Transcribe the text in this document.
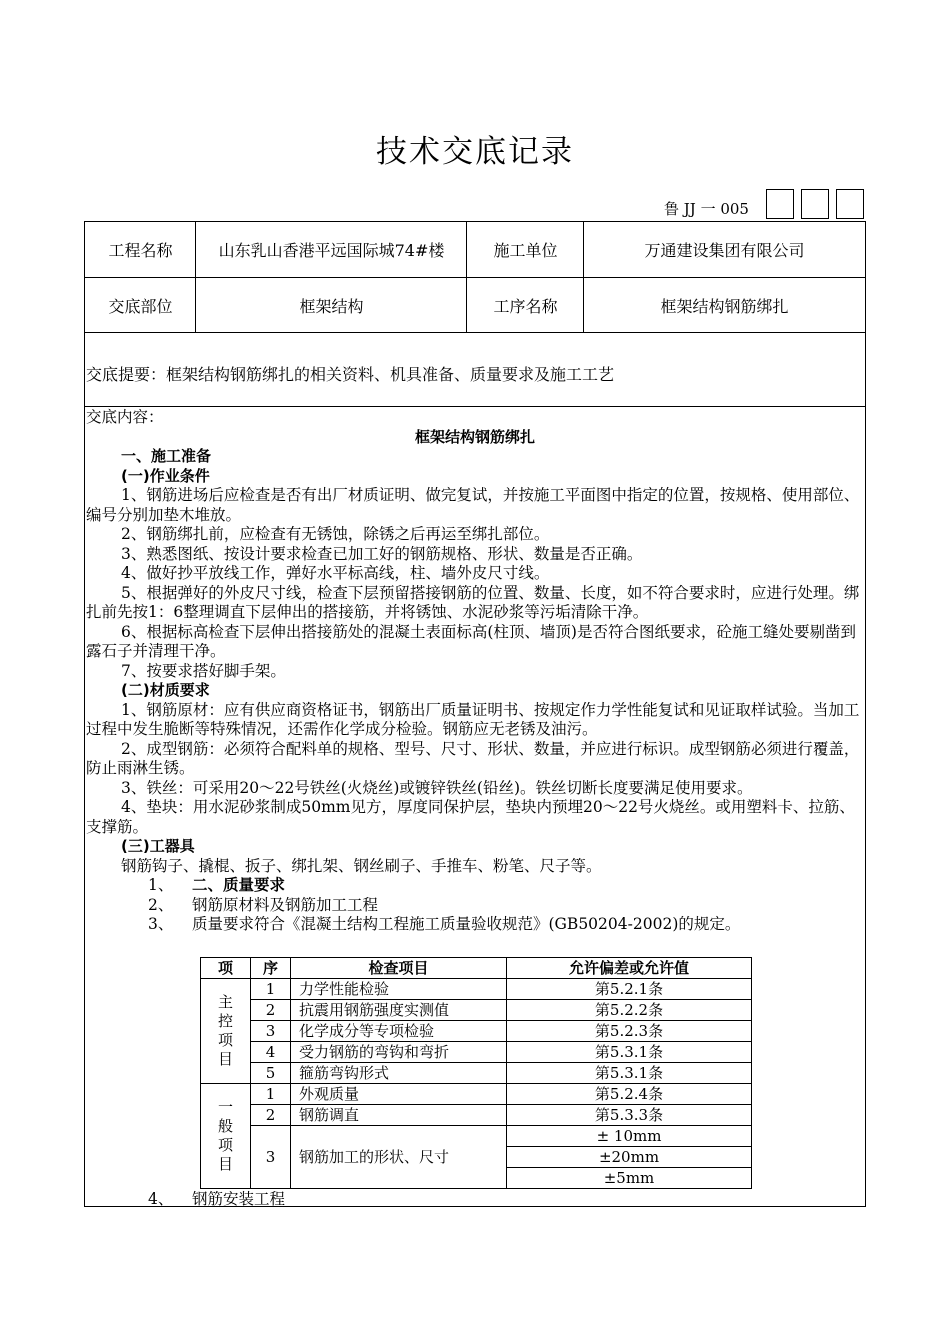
技术交底记录
鲁 JJ 一 005
工程名称	山东乳山香港平远国际城74#楼	施工单位	万通建设集团有限公司
交底部位	框架结构	工序名称	框架结构钢筋绑扎
交底提要：框架结构钢筋绑扎的相关资料、机具准备、质量要求及施工工艺

交底内容：

框架结构钢筋绑扎

一、施工准备

(一)作业条件

1、钢筋进场后应检查是否有出厂材质证明、做完复试，并按施工平面图中指定的位置，按规格、使用部位、编号分别加垫木堆放。

2、钢筋绑扎前，应检查有无锈蚀，除锈之后再运至绑扎部位。

3、熟悉图纸、按设计要求检查已加工好的钢筋规格、形状、数量是否正确。

4、做好抄平放线工作，弹好水平标高线，柱、墙外皮尺寸线。

5、根据弹好的外皮尺寸线，检查下层预留搭接钢筋的位置、数量、长度，如不符合要求时，应进行处理。绑扎前先按1：6整理调直下层伸出的搭接筋，并将锈蚀、水泥砂浆等污垢清除干净。

6、根据标高检查下层伸出搭接筋处的混凝土表面标高(柱顶、墙顶)是否符合图纸要求，砼施工缝处要剔凿到露石子并清理干净。

7、按要求搭好脚手架。

(二)材质要求

1、钢筋原材：应有供应商资格证书，钢筋出厂质量证明书、按规定作力学性能复试和见证取样试验。当加工过程中发生脆断等特殊情况，还需作化学成分检验。钢筋应无老锈及油污。

2、成型钢筋：必须符合配料单的规格、型号、尺寸、形状、数量，并应进行标识。成型钢筋必须进行覆盖，防止雨淋生锈。

3、铁丝：可采用20～22号铁丝(火烧丝)或镀锌铁丝(铅丝)。铁丝切断长度要满足使用要求。

4、垫块：用水泥砂浆制成50mm见方，厚度同保护层，垫块内预埋20～22号火烧丝。或用塑料卡、拉筋、支撑筋。

(三)工器具

钢筋钩子、撬棍、扳子、绑扎架、钢丝刷子、手推车、粉笔、尺子等。

1、 二、质量要求

2、 钢筋原材料及钢筋加工工程

3、 质量要求符合《混凝土结构工程施工质量验收规范》(GB50204-2002)的规定。

项	序	检查项目	允许偏差或允许值

主控项目	1	力学性能检验	第5.2.1条
	2	抗震用钢筋强度实测值	第5.2.2条
	3	化学成分等专项检验	第5.2.3条
	4	受力钢筋的弯钩和弯折	第5.3.1条
	5	箍筋弯钩形式	第5.3.1条

一般项目	1	外观质量	第5.2.4条
	2	钢筋调直	第5.3.3条
	3	钢筋加工的形状、尺寸	± 10mm
			±20mm
			±5mm
4、 钢筋安装工程
